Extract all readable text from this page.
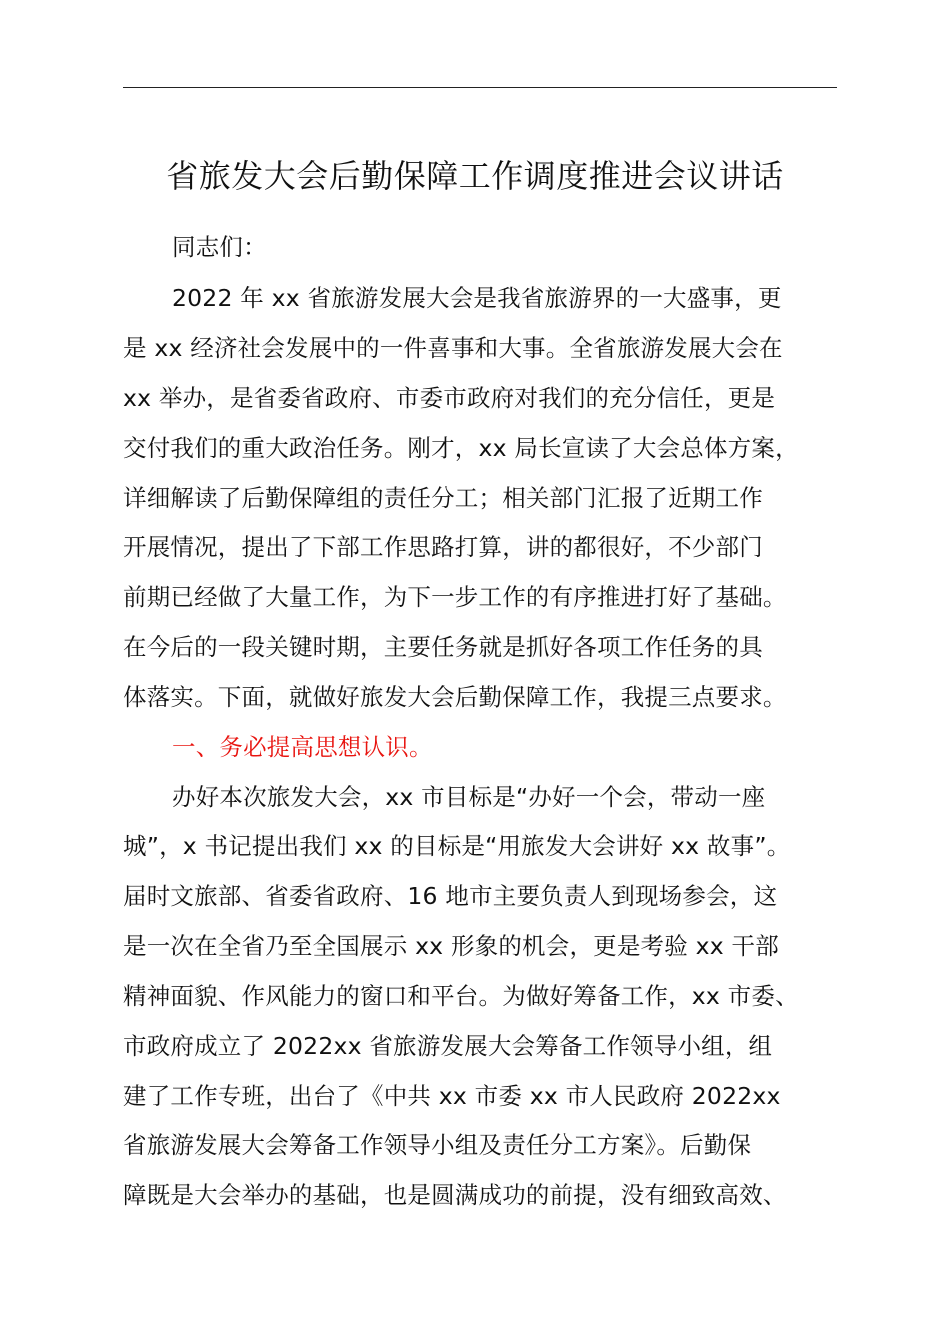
省旅发大会后勤保障工作调度推进会议讲话
同志们：
2022 年 xx 省旅游发展大会是我省旅游界的一大盛事，更
是 xx 经济社会发展中的一件喜事和大事。全省旅游发展大会在
xx 举办，是省委省政府、市委市政府对我们的充分信任，更是
交付我们的重大政治任务。刚才，xx 局长宣读了大会总体方案，
详细解读了后勤保障组的责任分工；相关部门汇报了近期工作
开展情况，提出了下部工作思路打算，讲的都很好，不少部门
前期已经做了大量工作，为下一步工作的有序推进打好了基础。
在今后的一段关键时期，主要任务就是抓好各项工作任务的具
体落实。下面，就做好旅发大会后勤保障工作，我提三点要求。
一、务必提高思想认识。
办好本次旅发大会，xx 市目标是“办好一个会，带动一座
城”，x 书记提出我们 xx 的目标是“用旅发大会讲好 xx 故事”。
届时文旅部、省委省政府、16 地市主要负责人到现场参会，这
是一次在全省乃至全国展示 xx 形象的机会，更是考验 xx 干部
精神面貌、作风能力的窗口和平台。为做好筹备工作，xx 市委、
市政府成立了 2022xx 省旅游发展大会筹备工作领导小组，组
建了工作专班，出台了《中共 xx 市委 xx 市人民政府 2022xx
省旅游发展大会筹备工作领导小组及责任分工方案》。后勤保
障既是大会举办的基础，也是圆满成功的前提，没有细致高效、
